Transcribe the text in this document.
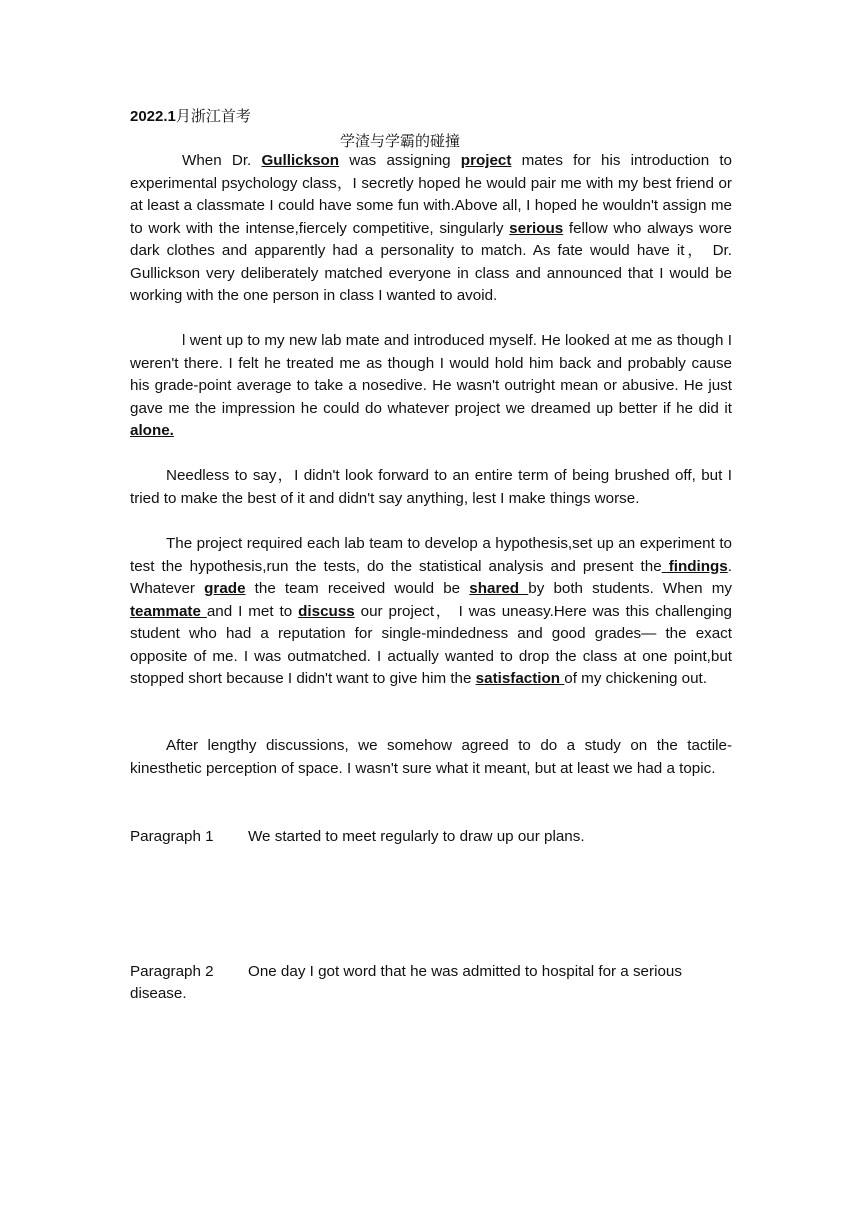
2022.1月浙江首考
学渣与学霸的碰撞

When Dr. Gullickson was assigning project mates for his introduction to experimental psychology class，I secretly hoped he would pair me with my best friend or at least a classmate I could have some fun with.Above all, I hoped he wouldn't assign me to work with the intense,fiercely competitive, singularly serious fellow who always wore dark clothes and apparently had a personality to match. As fate would have it， Dr. Gullickson very deliberately matched everyone in class and announced that I would be working with the one person in class I wanted to avoid.

l went up to my new lab mate and introduced myself. He looked at me as though I weren't there. I felt he treated me as though I would hold him back and probably cause his grade-point average to take a nosedive. He wasn't outright mean or abusive. He just gave me the impression he could do whatever project we dreamed up better if he did it alone.

Needless to say，I didn't look forward to an entire term of being brushed off, but I tried to make the best of it and didn't say anything, lest I make things worse.

The project required each lab team to develop a hypothesis,set up an experiment to test the hypothesis,run the tests, do the statistical analysis and present the findings. Whatever grade the team received would be shared by both students. When my teammate and I met to discuss our project， I was uneasy.Here was this challenging student who had a reputation for single-mindedness and good grades— the exact opposite of me. I was outmatched. I actually wanted to drop the class at one point,but stopped short because I didn't want to give him the satisfaction of my chickening out.

After lengthy discussions, we somehow agreed to do a study on the tactile-kinesthetic perception of space. I wasn't sure what it meant, but at least we had a topic.

Paragraph 1 We started to meet regularly to draw up our plans.
Paragraph 2 One day I got word that he was admitted to hospital for a serious
disease.
